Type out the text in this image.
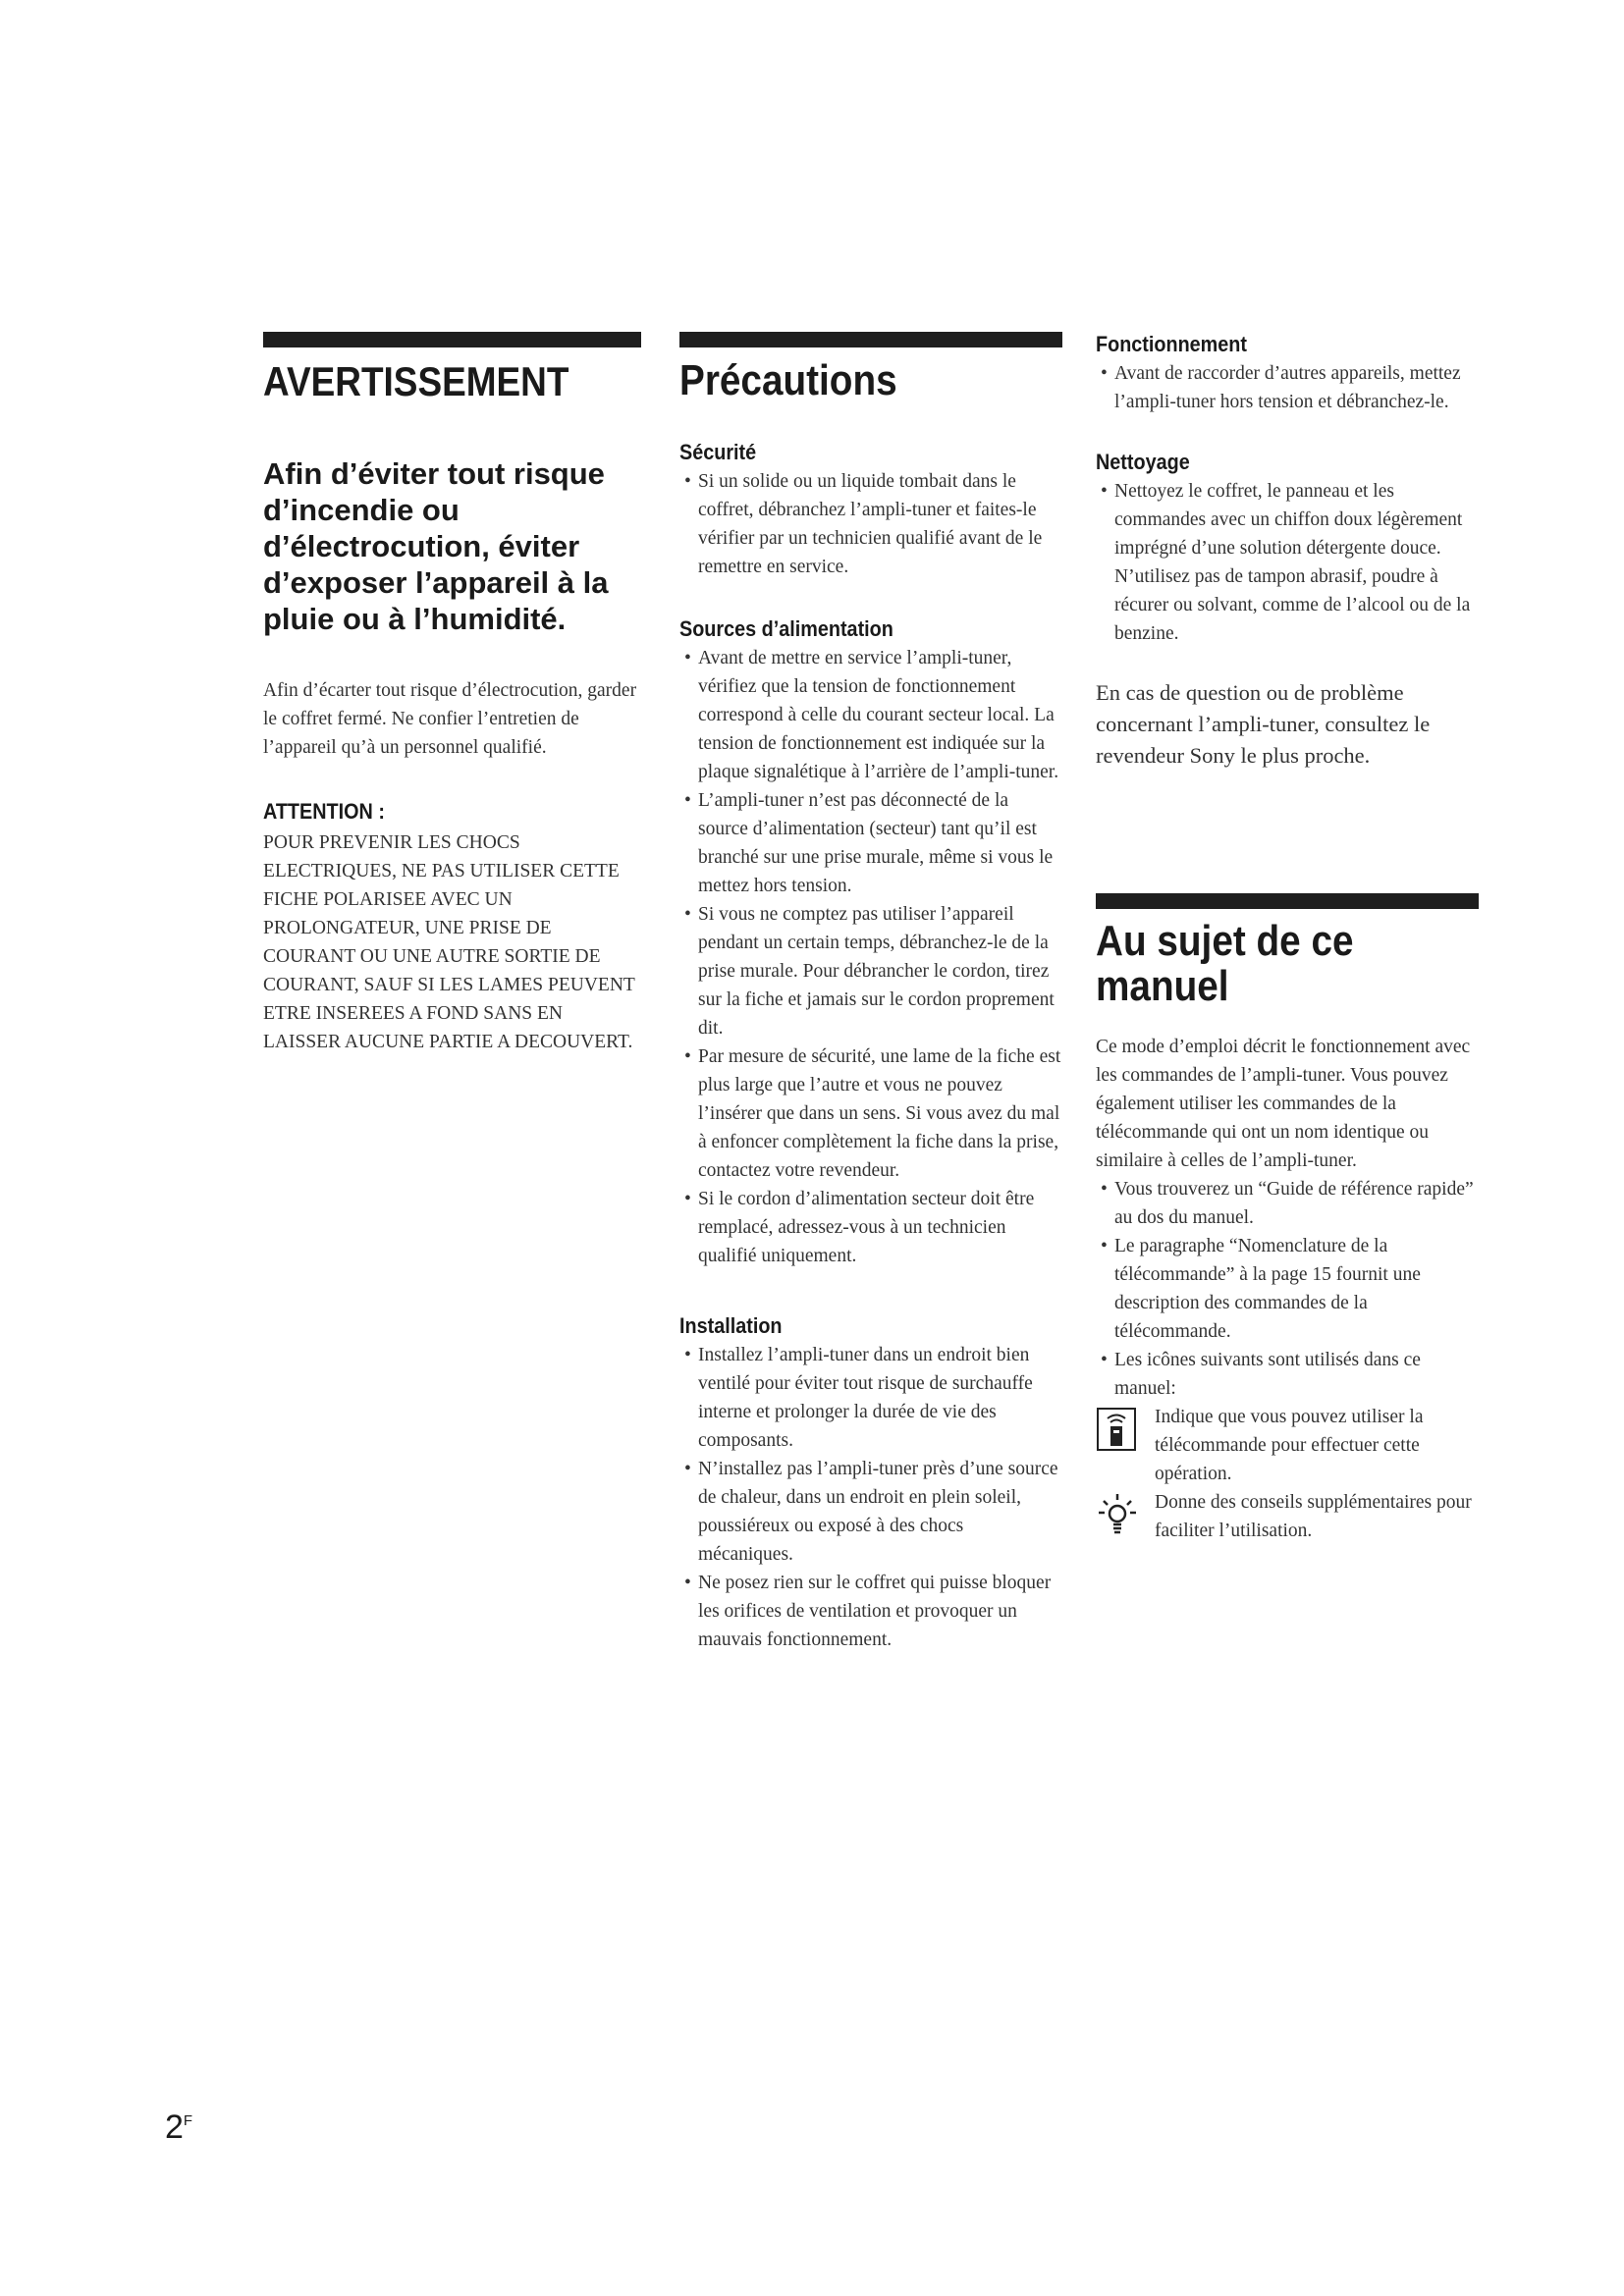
AVERTISSEMENT

Afin d’éviter tout risque d’incendie ou d’électrocution, éviter d’exposer l’appareil à la pluie ou à l’humidité.

Afin d’écarter tout risque d’électrocution, garder le coffret fermé. Ne confier l’entretien de l’appareil qu’à un personnel qualifié.

ATTENTION :

POUR PREVENIR LES CHOCS ELECTRIQUES, NE PAS UTILISER CETTE FICHE POLARISEE AVEC UN PROLONGATEUR, UNE PRISE DE COURANT OU UNE AUTRE SORTIE DE COURANT, SAUF SI LES LAMES PEUVENT ETRE INSEREES A FOND SANS EN LAISSER AUCUNE PARTIE A DECOUVERT.

Précautions
Sécurité
• Si un solide ou un liquide tombait dans le coffret, débranchez l’ampli-tuner et faites-le vérifier par un technicien qualifié avant de le remettre en service.
Sources d’alimentation
• Avant de mettre en service l’ampli-tuner, vérifiez que la tension de fonctionnement correspond à celle du courant secteur local. La tension de fonctionnement est indiquée sur la plaque signalétique à l’arrière de l’ampli-tuner.
• L’ampli-tuner n’est pas déconnecté de la source d’alimentation (secteur) tant qu’il est branché sur une prise murale, même si vous le mettez hors tension.
• Si vous ne comptez pas utiliser l’appareil pendant un certain temps, débranchez-le de la prise murale. Pour débrancher le cordon, tirez sur la fiche et jamais sur le cordon proprement dit.
• Par mesure de sécurité, une lame de la fiche est plus large que l’autre et vous ne pouvez l’insérer que dans un sens. Si vous avez du mal à enfoncer complètement la fiche dans la prise, contactez votre revendeur.
• Si le cordon d’alimentation secteur doit être remplacé, adressez-vous à un technicien qualifié uniquement.
Installation
• Installez l’ampli-tuner dans un endroit bien ventilé pour éviter tout risque de surchauffe interne et prolonger la durée de vie des composants.
• N’installez pas l’ampli-tuner près d’une source de chaleur, dans un endroit en plein soleil, poussiéreux ou exposé à des chocs mécaniques.
• Ne posez rien sur le coffret qui puisse bloquer les orifices de ventilation et provoquer un mauvais fonctionnement.
Fonctionnement
• Avant de raccorder d’autres appareils, mettez l’ampli-tuner hors tension et débranchez-le.
Nettoyage
• Nettoyez le coffret, le panneau et les commandes avec un chiffon doux légèrement imprégné d’une solution détergente douce. N’utilisez pas de tampon abrasif, poudre à récurer ou solvant, comme de l’alcool ou de la benzine.

En cas de question ou de problème concernant l’ampli-tuner, consultez le revendeur Sony le plus proche.

Au sujet de ce manuel

Ce mode d’emploi décrit le fonctionnement avec les commandes de l’ampli-tuner. Vous pouvez également utiliser les commandes de la télécommande qui ont un nom identique ou similaire à celles de l’ampli-tuner.

• Vous trouverez un “Guide de référence rapide” au dos du manuel.
• Le paragraphe “Nomenclature de la télécommande” à la page 15 fournit une description des commandes de la télécommande.
• Les icônes suivants sont utilisés dans ce manuel:
Indique que vous pouvez utiliser la télécommande pour effectuer cette opération.
Donne des conseils supplémentaires pour faciliter l’utilisation.
$2^F$
